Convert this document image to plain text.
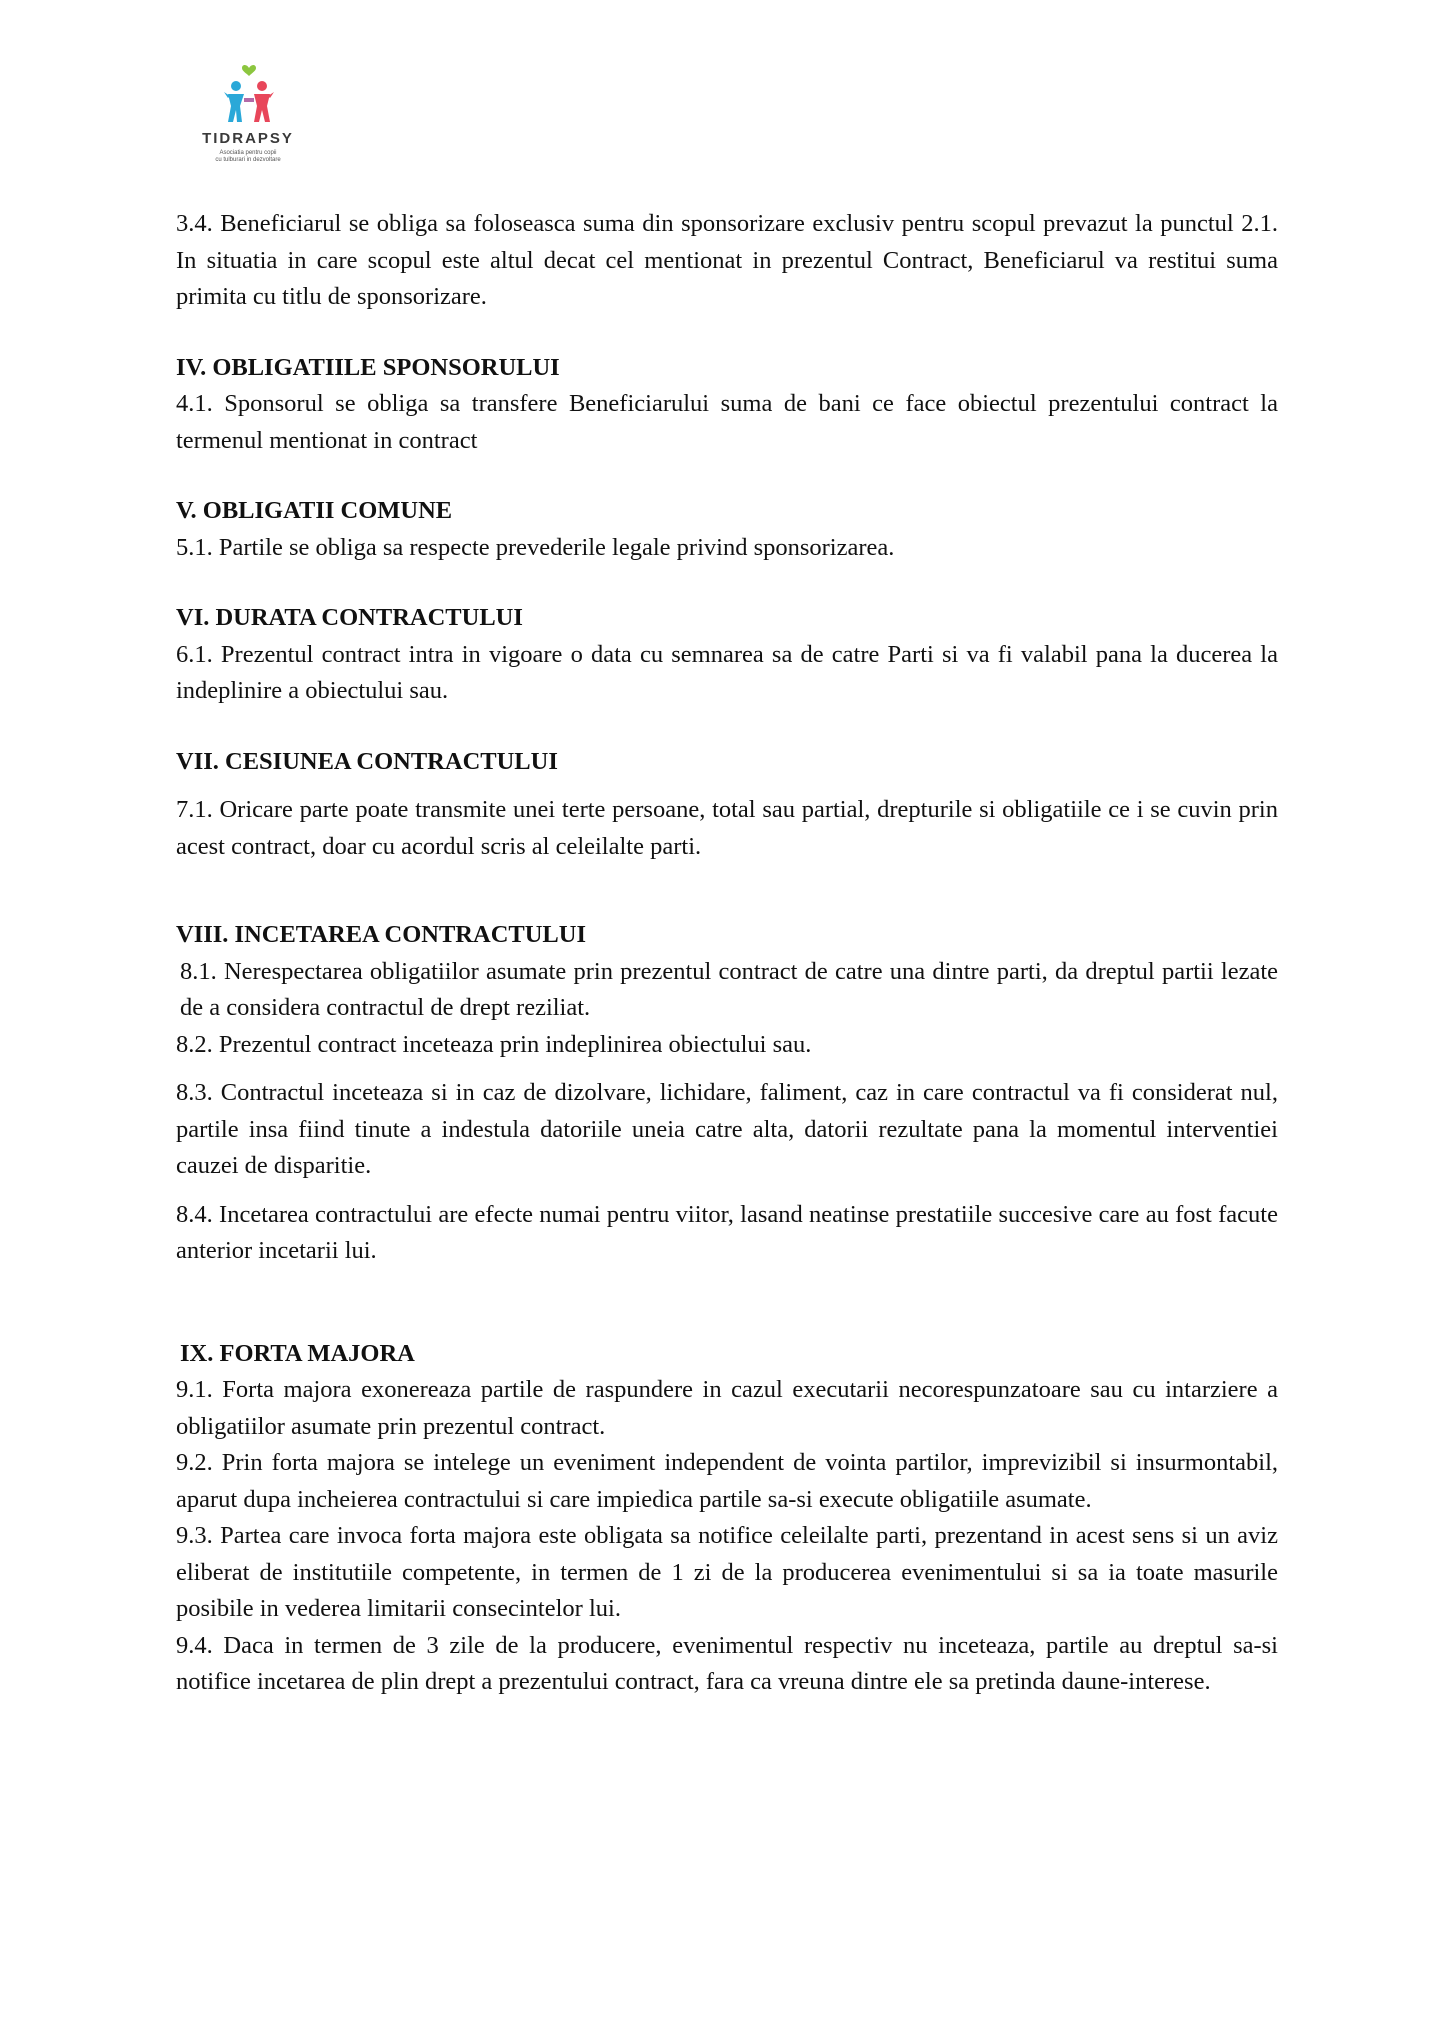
TIDRAPSY
Asociatia pentru copii
cu tulburari in dezvoltare

3.4. Beneficiarul se obliga sa foloseasca suma din sponsorizare exclusiv pentru scopul prevazut la punctul 2.1. In situatia in care scopul este altul decat cel mentionat in prezentul Contract, Beneficiarul va restitui suma primita cu titlu de sponsorizare.

IV. OBLIGATIILE SPONSORULUI

4.1. Sponsorul se obliga sa transfere Beneficiarului suma de bani ce face obiectul prezentului contract la termenul mentionat in contract

V. OBLIGATII COMUNE

5.1. Partile se obliga sa respecte prevederile legale privind sponsorizarea.

VI. DURATA CONTRACTULUI

6.1. Prezentul contract intra in vigoare o data cu semnarea sa de catre Parti si va fi valabil pana la ducerea la indeplinire a obiectului sau.

VII. CESIUNEA CONTRACTULUI

7.1. Oricare parte poate transmite unei terte persoane, total sau partial, drepturile si obligatiile ce i se cuvin prin acest contract, doar cu acordul scris al celeilalte parti.

VIII. INCETAREA CONTRACTULUI

8.1. Nerespectarea obligatiilor asumate prin prezentul contract de catre una dintre parti, da dreptul partii lezate de a considera contractul de drept reziliat.

8.2. Prezentul contract inceteaza prin indeplinirea obiectului sau.

8.3. Contractul inceteaza si in caz de dizolvare, lichidare, faliment, caz in care contractul va fi considerat nul, partile insa fiind tinute a indestula datoriile uneia catre alta, datorii rezultate pana la momentul interventiei cauzei de disparitie.

8.4. Incetarea contractului are efecte numai pentru viitor, lasand neatinse prestatiile succesive care au fost facute anterior incetarii lui.

IX. FORTA MAJORA

9.1. Forta majora exonereaza partile de raspundere in cazul executarii necorespunzatoare sau cu intarziere a obligatiilor asumate prin prezentul contract.

9.2. Prin forta majora se intelege un eveniment independent de vointa partilor, imprevizibil si insurmontabil, aparut dupa incheierea contractului si care impiedica partile sa-si execute obligatiile asumate.

9.3. Partea care invoca forta majora este obligata sa notifice celeilalte parti, prezentand in acest sens si un aviz eliberat de institutiile competente, in termen de 1 zi de la producerea evenimentului si sa ia toate masurile posibile in vederea limitarii consecintelor lui.

9.4. Daca in termen de 3 zile de la producere, evenimentul respectiv nu inceteaza, partile au dreptul sa-si notifice incetarea de plin drept a prezentului contract, fara ca vreuna dintre ele sa pretinda daune-interese.
